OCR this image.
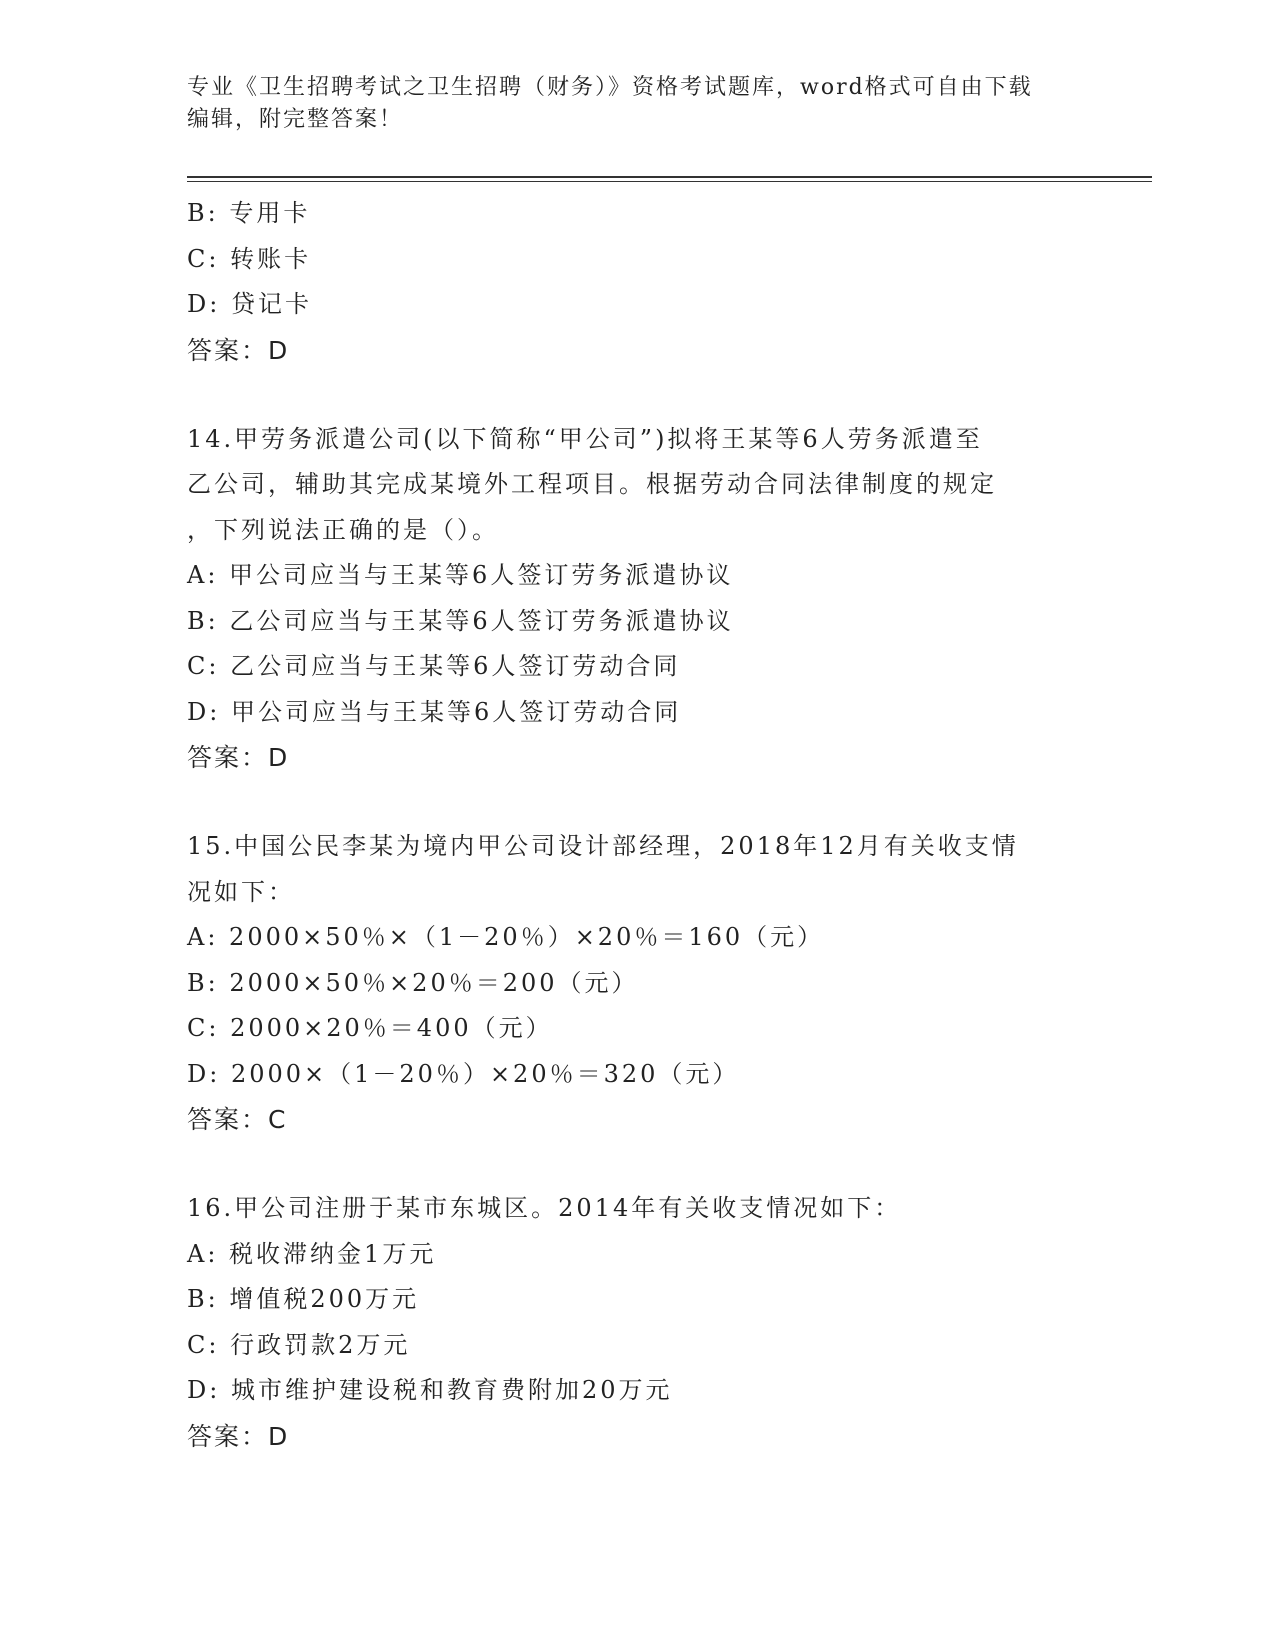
专业《卫生招聘考试之卫生招聘（财务）》资格考试题库，word格式可自由下载
编辑，附完整答案！
B: 专用卡
C: 转账卡
D: 贷记卡
答案：D
14.甲劳务派遣公司(以下简称“甲公司”)拟将王某等6人劳务派遣至
乙公司，辅助其完成某境外工程项目。根据劳动合同法律制度的规定
，下列说法正确的是（）。
A: 甲公司应当与王某等6人签订劳务派遣协议
B: 乙公司应当与王某等6人签订劳务派遣协议
C: 乙公司应当与王某等6人签订劳动合同
D: 甲公司应当与王某等6人签订劳动合同
答案：D
15.中国公民李某为境内甲公司设计部经理，2018年12月有关收支情
况如下：
A: 2000×50％×（1－20％）×20％＝160（元）
B: 2000×50％×20％＝200（元）
C: 2000×20％＝400（元）
D: 2000×（1－20％）×20％＝320（元）
答案：C
16.甲公司注册于某市东城区。2014年有关收支情况如下：
A: 税收滞纳金1万元
B: 增值税200万元
C: 行政罚款2万元
D: 城市维护建设税和教育费附加20万元
答案：D
